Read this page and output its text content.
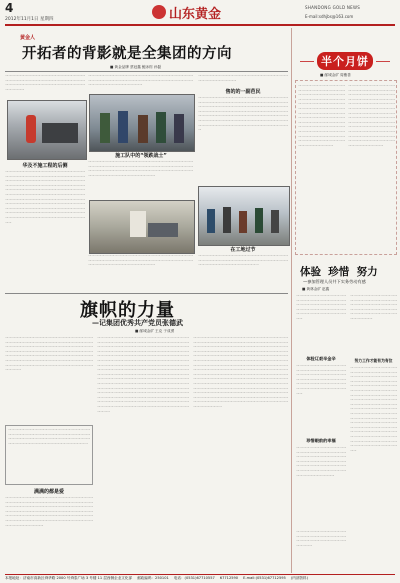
4
2012年11月1日 星期四	山东黄金	SHANDONG GOLD NEWS
E-mail:sdhjbs@163.com
黄金人
开拓者的背影就是全集团的方向
■ 黄金品牌 蔡冠鑫 鲍冰棕 孙磊
一一一一一一一一一一一一一一一一一一一一一一一一一一一一一一一一一一一一一一一一一一一一一一一一一一一一一一一一一一一一一一一一一一一一一一一一一一一一一一一一一
一一一一一一一一一一一一一一一一一一一一一一一一一一一一一一一一一一一一一一一一一一一一一一一一一一一一一一一一一一一一一一一一一一一一一一一一一一一一一一一一一
施工队中的“领跌战士”
售的的一副芭民
一一一一一一一一一一一一一一一一一一一一一一一一一一一一一一一一一一一一一一一一
一一一一一一一一一一一一一一一一一一一一一一一一一一一一一一一一一一一一一一一一一一一一一一一一一一一一一一一一一一一一一一一一一一一一一一一一一一一一一一一一一一一一一一一一一一一一一一一一一一一一一一一一一一一一一一一一一一一一一一一一一一一一一一一一一一一一一一一一一一一一一一一一一一一一一一一一一一一一一一一一一一一一一一一一一一一一一一一一一一一一一一一一一一一一一一一一一一一一一
华及不施工程的后侧
一一一一一一一一一一一一一一一一一一一一一一一一一一一一一一一一一一一一一一一一一一一一一一一一一一一一一一一一一一一一一一一一一一一一一一一一一一一一一一一一一一一一一一一一一一一一一一一一一一一一一一一一一一一一一一一一一一一一一一一一一一一一一一一一一一一一一一一一一一一一一一一一一一一一一一一一一一一一一一一一一一一一一一一一一一一一一一一一一一一一一一一一一一一一一一一一一一一一一一一一一一一一一一一一一一一一一一一一一一一一一一一一一一一一一一一一一一一一一一一一一一一一一一一一一一一一一一一一一一一一一一一一一一一一一一一一一一一一一
一一一一一一一一一一一一一一一一一一一一一一一一一一一一一一一一一一一一一一一一一一一一一一一一一一一一一一一一一一一一一一一一一一一一一一一一一一一一一一一一一一一一一一一一一一一一一一一一一一一一一一一一一一一一一一一一一一一一一
一一一一一一一一一一一一一一一一一一一一一一一一一一一一一一一一一一一一一一一一一一一一一一一一一一一一一一一一一一一一一一一一一一一一一一一一一一一一一一一一一一一一一
在工地过节
一一一一一一一一一一一一一一一一一一一一一一一一一一一一一一一一一一一一一一一一一一一一一一一一一一一一一一一一一一一一一一一一一一一一一一一一一一一
旗帜的力量
—记集团优秀共产党员张德武
■ 邮城金矿 王克 于成勇
一一一一一一一一一一一一一一一一一一一一一一一一一一一一一一一一一一一一一一一一一一一一一一一一一一一一一一一一一一一一一一一一一一一一一一一一一一一一一一一一一一一一一一一一一一一一一一一一一一一一一一一一一一一一一一一一一一一一一一一一一一一一一一一一一一一一一一一一一一一一一一一一一一一一一一一一一一一一一一一一一一一一一一一一一一一一一一一一一一一一一一一一一一一一一一一一一一
一一一一一一一一一一一一一一一一一一一一一一一一一一一一一一一一一一一一一一一一一一一一一一一一一一一一一一一一一一一一一一一一一一一一一一一一一一一一一一一一一一一一一一一一一一一一一一一一一一一一一一一一一一一一一一一一一一一一一一一一一一一一一一一一一一一一一一一一一一一一一一一一一一一一一一一一一一一一一一一一一一一一一一一一一一一一一一一一一一一一一一一一一一一一一一一一一一一一一一一一一一一一一一一一一一一一一一一一一一一一一一一一一一一一一一一一一一一一一一一一一一一一一一一一一一一一一一一一一一一一一一一一一一一一一一一一一一一一一一一一一一一一一一一一一一一一一一一一一一一一一一一一一一一一一一一一一一一一一一一一一一一一一一一一一一一一一一一一一一一一一一一一一一一一一一一一一一一一一一一一一一一一一一一一一一一一一一一一一一一一一一一一一一一一一一一一一一一一一一一一一一一一一一一一一一一一一一一一一一一一一一一一一一一一一一一一一一一一一一一一一一一一一一一一一一一一
一一一一一一一一一一一一一一一一一一一一一一一一一一一一一一一一一一一一一一一一一一一一一一一一一一一一一一一一一一一一一一一一一一一一一一一一一一一一一一一一一一一一一一一一一一一一一一一一一一一一一一一一一一一一一一一一一一一一一一一一一一一一一一一一一一一一一一一一一一一一一一一一一一一一一一一一一一一一一一一一一一一一一一一一一一一一一一一一一一一一一一一一一一一一一一一一一一一一一一一一一一一一一一一一一一一一一一一一一一一一一一一一一一一一一一一一一一一一一一一一一一一一一一一一一一一一一一一一一一一一一一一一一一一一一一一一一一一一一一一一一一一一一一一一一一一一一一一一一一一一一一一一一一一一一一一一一一一一一一一一一一一一一一一一一一一一一一一一一一一一一一一一一一一一一一一一一一一一一一一一一一一一一一一一一一一一一一一一一一一一一一一一一一一一一一一一一一一一一一一一一一一一一一一一一一一一一一一一一一一一一一一一一一一一一一一一一一一一一一一一一一一一
一一一一一一一一一一一一一一一一一一一一一一一一一一一一一一一一一一一一一一一一一一一一一一一一一一一一一一一一一一一一一一一一一一一一一一一一一一一一一一一一一一一一一一一一一一一一一一一一一一一一
满满的都是爱
一一一一一一一一一一一一一一一一一一一一一一一一一一一一一一一一一一一一一一一一一一一一一一一一一一一一一一一一一一一一一一一一一一一一一一一一一一一一一一一一一一一一一一一一一一一一一一一一一一一一一一一一一一一一一一一一一一一一一一一一一一一一一一一一一一一一一一一一一一一一一一一一一一一一一一一一一一一一一一一一一一一一一一一一一一一一一一
半个月饼
■ 邮城金矿 周衡善
一一一一一一一一一一一一一一一一一一一一一一一一一一一一一一一一一一一一一一一一一一一一一一一一一一一一一一一一一一一一一一一一一一一一一一一一一一一一一一一一一一一一一一一一一一一一一一一一一一一一一一一一一一一一一一一一一一一一一一一一一一一一一一一一一一一一一一一一一一一一一一一一一一一一一一一一一一一一一一一一一一一一一一一一一一一一一一一一一一一一一一一一一一一一一一一一一
一一一一一一一一一一一一一一一一一一一一一一一一一一一一一一一一一一一一一一一一一一一一一一一一一一一一一一一一一一一一一一一一一一一一一一一一一一一一一一一一一一一一一一一一一一一一一一一一一一一一一一一一一一一一一一一一一一一一一一一一一一一一一一一一一一一一一一一一一一一一一一一一一一一一一一一一一一一一一一一一一一一一一一一一一一一一一一一一一一一一一一一一一一一一一一一一一
体验  珍惜  努力
—参加管理人员井下实务劳动有感
■ 黄林金矿 赵鑫
一一一一一一一一一一一一一一一一一一一一一一一一一一一一一一一一一一一一一一一一一一一一一一一一一一一一一一一一一一一一一一一一一一一一一一一一一一一一一
体验辽艰辛金辛
一一一一一一一一一一一一一一一一一一一一一一一一一一一一一一一一一一一一一一一一一一一一一一一一一一一一一一一一一一一一一一一一一一一一一一一一一一一一一一一一一一一一一一一一一一一一
珍惜眼前的幸福
一一一一一一一一一一一一一一一一一一一一一一一一一一一一一一一一一一一一一一一一一一一一一一一一一一一一一一一一一一一一一一一一一一一一一一一一一一一一一一一一一一一一一一一一一一一一一一一一一一一一一一
一一一一一一一一一一一一一一一一一一一一一一一一一一一一一一一一一一一一一一一一一一一一一一一一一一一一一一一一一一一一一一一一一一一一一一一一一一一一一
努力工作才能有为有位
一一一一一一一一一一一一一一一一一一一一一一一一一一一一一一一一一一一一一一一一一一一一一一一一一一一一一一一一一一一一一一一一一一一一一一一一一一一一一一一一一一一一一一一一一一一一一一一一一一一一一一一一一一一一一一一一一一一一一一一一一一一一一一一一一一一一一一一一一一一一一一一一一一一一一一一一一一一一一一一一一一一一一一一一一一一一一一一一一一一一一一一一一一一一一一一一一一一一一一一一一一一一一一一一一一一一一一一一一一一一一一一一一一一一一一一一一一一一一一一一一一一一一一一一一一一一一一
一一一一一一一一一一一一一一一一一一一一一一一一一一一一一一一一一一一一一一一一一一一一一一一一一一
本报地址：济南市高新区舜华路 2000 号舜泰广场 3 号楼 11 层西侧企业文化部 邮政编码：250101 电话：(0531)67710557 67712590 E-mail:(0531)67712595 (内部资料)
